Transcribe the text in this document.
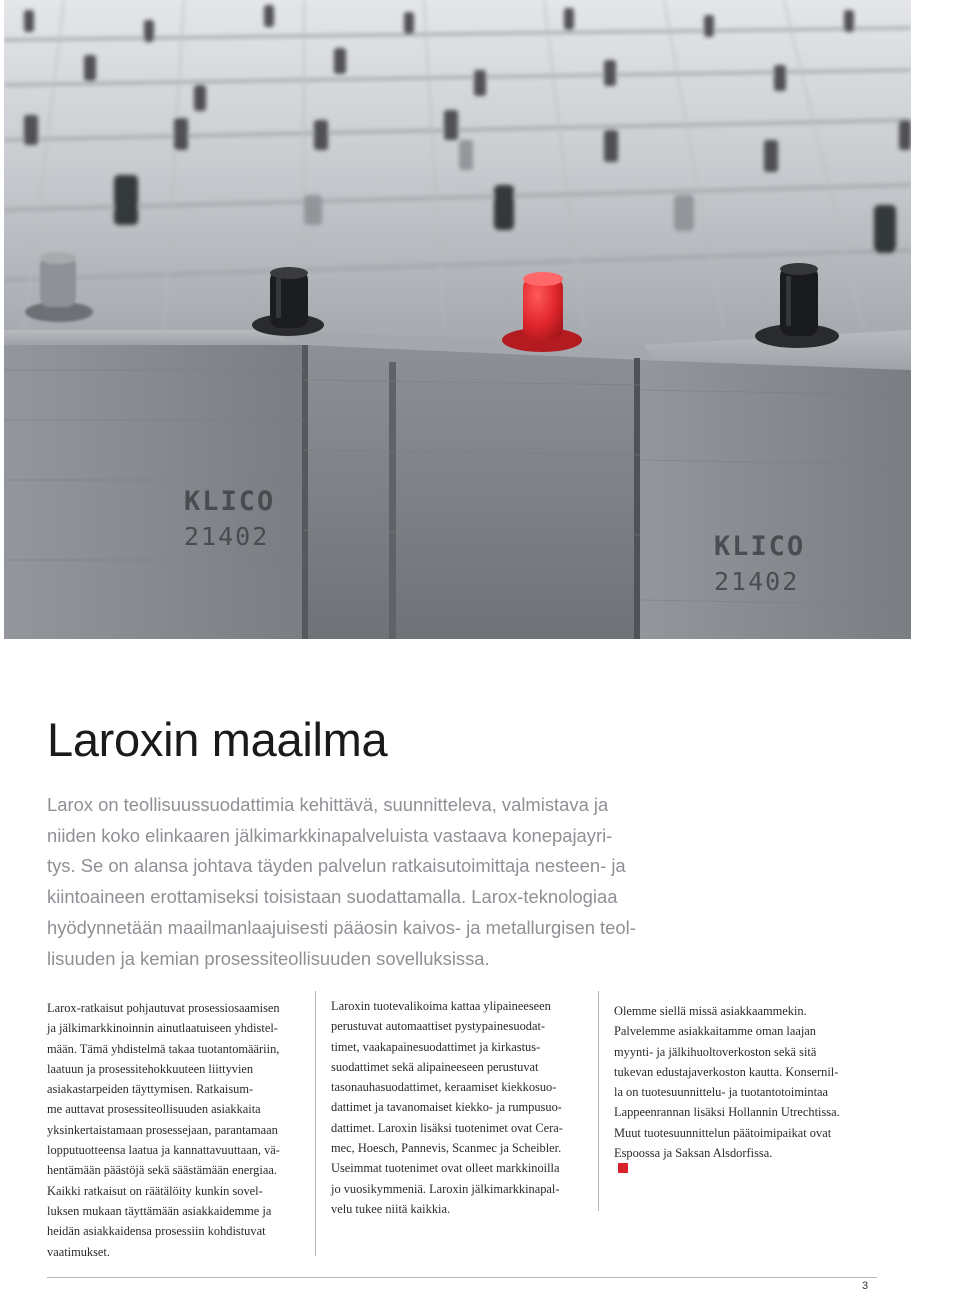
KLICO
21402	KLICO
21402
Laroxin maailma
Larox on teollisuussuodattimia kehittävä, suunnitteleva, valmistava ja
niiden koko elinkaaren jälkimarkkinapalveluista vastaava konepajayri-
tys. Se on alansa johtava täyden palvelun ratkaisutoimittaja nesteen- ja
kiintoaineen erottamiseksi toisistaan suodattamalla. Larox-teknologiaa
hyödynnetään maailmanlaajuisesti pääosin kaivos- ja metallurgisen teol-
lisuuden ja kemian prosessiteollisuuden sovelluksissa.
Larox-ratkaisut pohjautuvat prosessiosaamisen
ja jälkimarkkinoinnin ainutlaatuiseen yhdistel-
mään. Tämä yhdistelmä takaa tuotantomääriin,
laatuun ja prosessitehokkuuteen liittyvien
asiakastarpeiden täyttymisen. Ratkaisum-
me auttavat prosessiteollisuuden asiakkaita
yksinkertaistamaan prosessejaan, parantamaan
lopputuotteensa laatua ja kannattavuuttaan, vä-
hentämään päästöjä sekä säästämään energiaa.
Kaikki ratkaisut on räätälöity kunkin sovel-
luksen mukaan täyttämään asiakkaidemme ja
heidän asiakkaidensa prosessiin kohdistuvat
vaatimukset.
Laroxin tuotevalikoima kattaa ylipaineeseen
perustuvat automaattiset pystypainesuodat-
timet, vaakapainesuodattimet ja kirkastus-
suodattimet sekä alipaineeseen perustuvat
tasonauhasuodattimet, keraamiset kiekkosuo-
dattimet ja tavanomaiset kiekko- ja rumpusuo-
dattimet. Laroxin lisäksi tuotenimet ovat Cera-
mec, Hoesch, Pannevis, Scanmec ja Scheibler.
Useimmat tuotenimet ovat olleet markkinoilla
jo vuosikymmeniä. Laroxin jälkimarkkinapal-
velu tukee niitä kaikkia.
Olemme siellä missä asiakkaammekin.
Palvelemme asiakkaitamme oman laajan
myynti- ja jälkihuoltoverkoston sekä sitä
tukevan edustajaverkoston kautta. Konsernil-
la on tuotesuunnittelu- ja tuotantotoimintaa
Lappeenrannan lisäksi Hollannin Utrechtissa.
Muut tuotesuunnittelun päätoimipaikat ovat
Espoossa ja Saksan Alsdorfissa.
3
